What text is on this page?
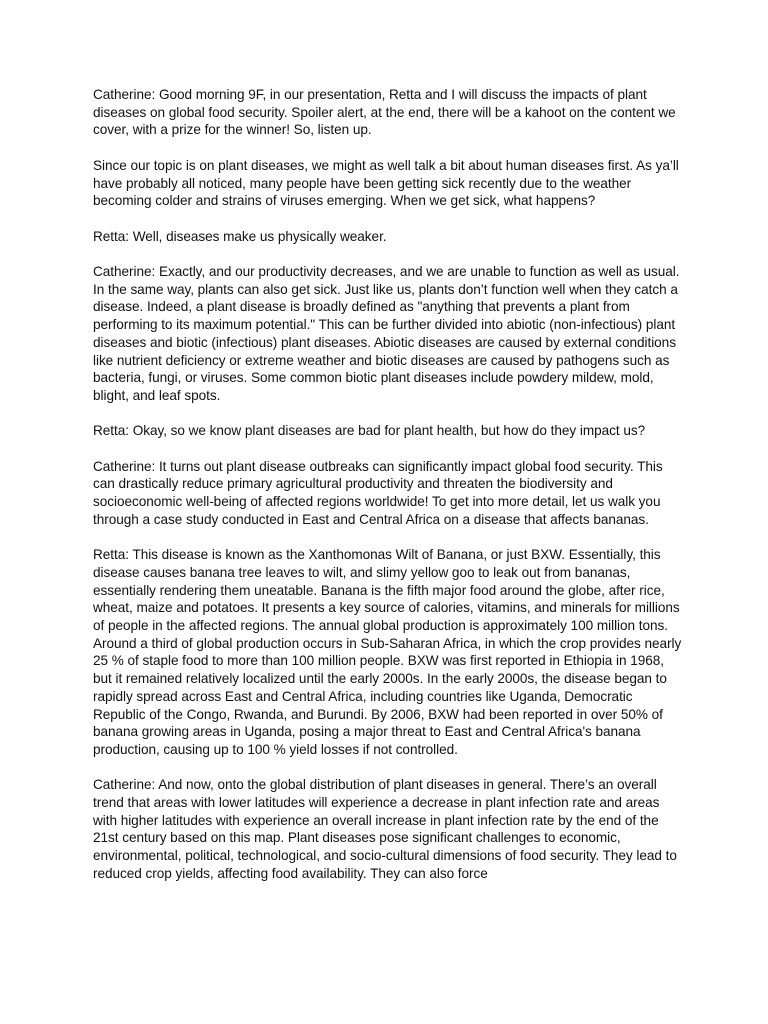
Catherine: Good morning 9F, in our presentation, Retta and I will discuss the impacts of plant diseases on global food security. Spoiler alert, at the end, there will be a kahoot on the content we cover, with a prize for the winner! So, listen up.

Since our topic is on plant diseases, we might as well talk a bit about human diseases first. As ya’ll have probably all noticed, many people have been getting sick recently due to the weather becoming colder and strains of viruses emerging. When we get sick, what happens?

Retta: Well, diseases make us physically weaker.

Catherine: Exactly, and our productivity decreases, and we are unable to function as well as usual. In the same way, plants can also get sick. Just like us, plants don’t function well when they catch a disease. Indeed, a plant disease is broadly defined as "anything that prevents a plant from performing to its maximum potential." This can be further divided into abiotic (non-infectious) plant diseases and biotic (infectious) plant diseases. Abiotic diseases are caused by external conditions like nutrient deficiency or extreme weather and biotic diseases are caused by pathogens such as bacteria, fungi, or viruses. Some common biotic plant diseases include powdery mildew, mold, blight, and leaf spots.

Retta: Okay, so we know plant diseases are bad for plant health, but how do they impact us?

Catherine: It turns out plant disease outbreaks can significantly impact global food security. This can drastically reduce primary agricultural productivity and threaten the biodiversity and socioeconomic well-being of affected regions worldwide! To get into more detail, let us walk you through a case study conducted in East and Central Africa on a disease that affects bananas.

Retta: This disease is known as the Xanthomonas Wilt of Banana, or just BXW. Essentially, this disease causes banana tree leaves to wilt, and slimy yellow goo to leak out from bananas, essentially rendering them uneatable. Banana is the fifth major food around the globe, after rice, wheat, maize and potatoes. It presents a key source of calories, vitamins, and minerals for millions of people in the affected regions. The annual global production is approximately 100 million tons. Around a third of global production occurs in Sub-Saharan Africa, in which the crop provides nearly 25 % of staple food to more than 100 million people. BXW was first reported in Ethiopia in 1968, but it remained relatively localized until the early 2000s. In the early 2000s, the disease began to rapidly spread across East and Central Africa, including countries like Uganda, Democratic Republic of the Congo, Rwanda, and Burundi. By 2006, BXW had been reported in over 50% of banana growing areas in Uganda, posing a major threat to East and Central Africa's banana production, causing up to 100 % yield losses if not controlled.

Catherine: And now, onto the global distribution of plant diseases in general. There’s an overall trend that areas with lower latitudes will experience a decrease in plant infection rate and areas with higher latitudes with experience an overall increase in plant infection rate by the end of the 21st century based on this map. Plant diseases pose significant challenges to economic, environmental, political, technological, and socio-cultural dimensions of food security. They lead to reduced crop yields, affecting food availability. They can also force
